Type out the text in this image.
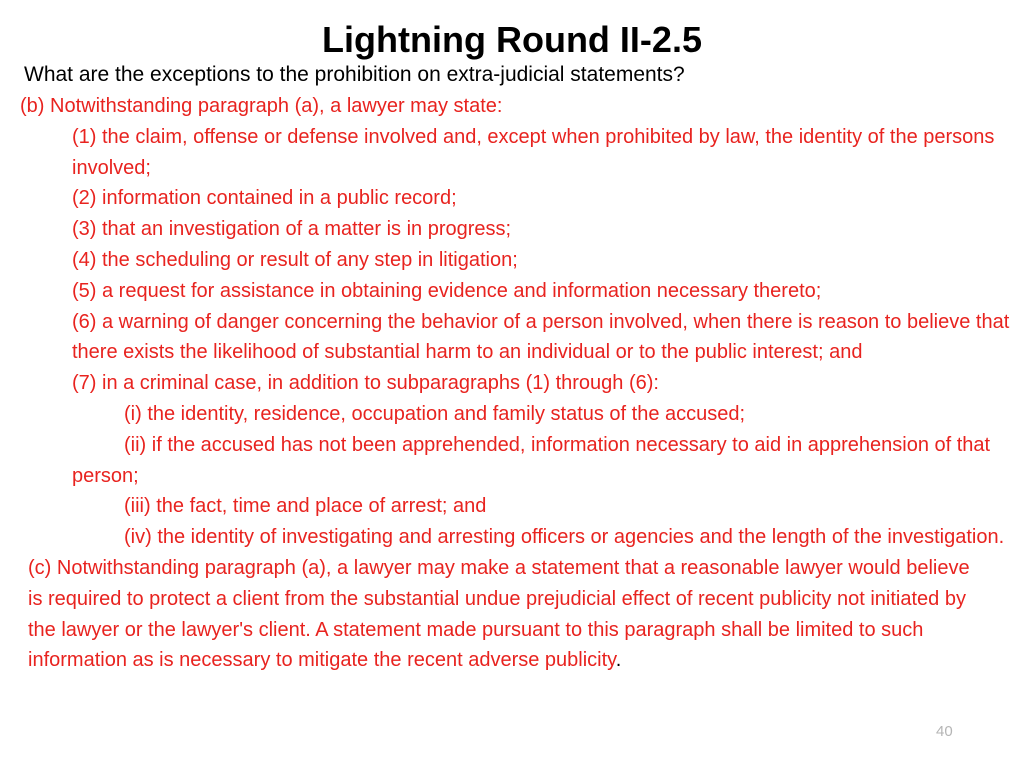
Lightning Round II-2.5
What are the exceptions to the prohibition on extra-judicial statements?

(b) Notwithstanding paragraph (a), a lawyer may state:

(1) the claim, offense or defense involved and, except when prohibited by law, the identity of the persons involved;

(2) information contained in a public record;

(3) that an investigation of a matter is in progress;

(4) the scheduling or result of any step in litigation;

(5) a request for assistance in obtaining evidence and information necessary thereto;

(6) a warning of danger concerning the behavior of a person involved, when there is reason to believe that there exists the likelihood of substantial harm to an individual or to the public interest; and

(7) in a criminal case, in addition to subparagraphs (1) through (6):

(i) the identity, residence, occupation and family status of the accused;

(ii) if the accused has not been apprehended, information necessary to aid in apprehension of that person;

(iii) the fact, time and place of arrest; and

(iv) the identity of investigating and arresting officers or agencies and the length of the investigation.

(c) Notwithstanding paragraph (a), a lawyer may make a statement that a reasonable lawyer would believe is required to protect a client from the substantial undue prejudicial effect of recent publicity not initiated by the lawyer or the lawyer's client. A statement made pursuant to this paragraph shall be limited to such information as is necessary to mitigate the recent adverse publicity.

40
